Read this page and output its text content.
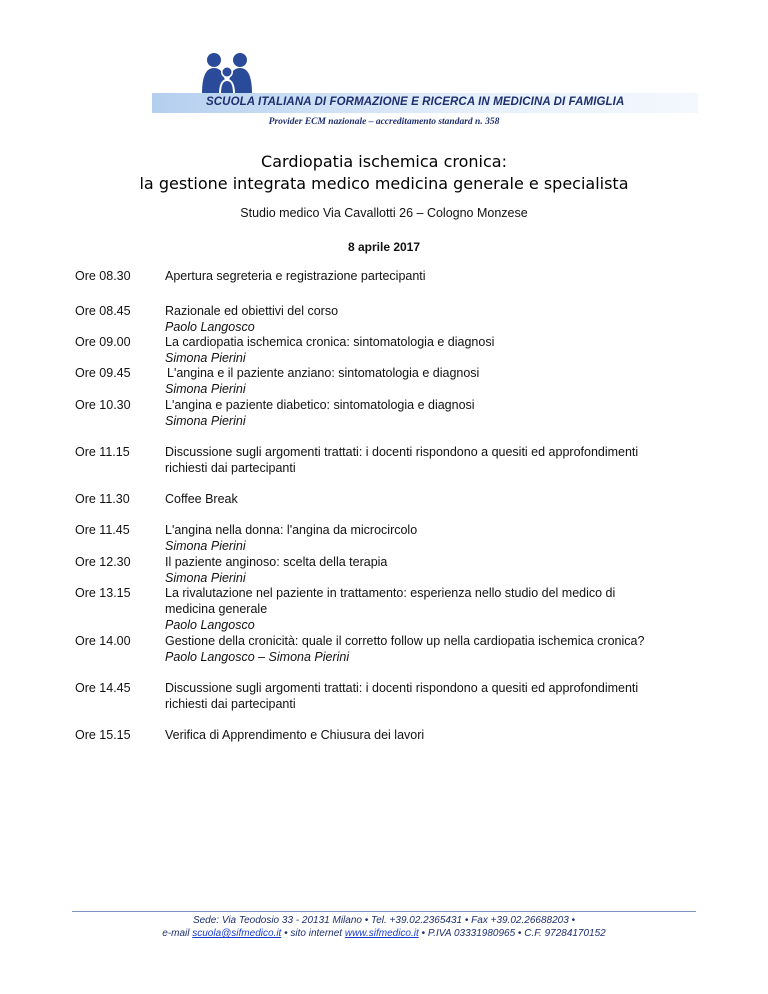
SCUOLA ITALIANA DI FORMAZIONE E RICERCA IN MEDICINA DI FAMIGLIA
Provider ECM nazionale – accreditamento standard n. 358
Cardiopatia ischemica cronica:
la gestione integrata medico medicina generale e specialista
Studio medico Via Cavallotti 26 – Cologno Monzese
8 aprile 2017
Ore 08.30	Apertura segreteria e registrazione partecipanti
Ore 08.45	Razionale ed obiettivi del corso
Paolo Langosco
Ore 09.00	La cardiopatia ischemica cronica: sintomatologia e diagnosi
Simona Pierini
Ore 09.45	L'angina e il paziente anziano: sintomatologia e diagnosi
Simona Pierini
Ore 10.30	L'angina e paziente diabetico: sintomatologia e diagnosi
Simona Pierini
Ore 11.15	Discussione sugli argomenti trattati: i docenti rispondono a quesiti ed approfondimenti
richiesti dai partecipanti
Ore 11.30	Coffee Break
Ore 11.45	L'angina nella donna: l'angina da microcircolo
Simona Pierini
Ore 12.30	Il paziente anginoso: scelta della terapia
Simona Pierini
Ore 13.15	La rivalutazione nel paziente in trattamento: esperienza nello studio del medico di
medicina generale
Paolo Langosco
Ore 14.00	Gestione della cronicità: quale il corretto follow up nella cardiopatia ischemica cronica?
Paolo Langosco – Simona Pierini
Ore 14.45	Discussione sugli argomenti trattati: i docenti rispondono a quesiti ed approfondimenti
richiesti dai partecipanti
Ore 15.15	Verifica di Apprendimento e Chiusura dei lavori
Sede: Via Teodosio 33 - 20131 Milano • Tel. +39.02.2365431 • Fax +39.02.26688203 •
e-mail scuola@sifmedico.it • sito internet www.sifmedico.it • P.IVA 03331980965 • C.F. 97284170152
